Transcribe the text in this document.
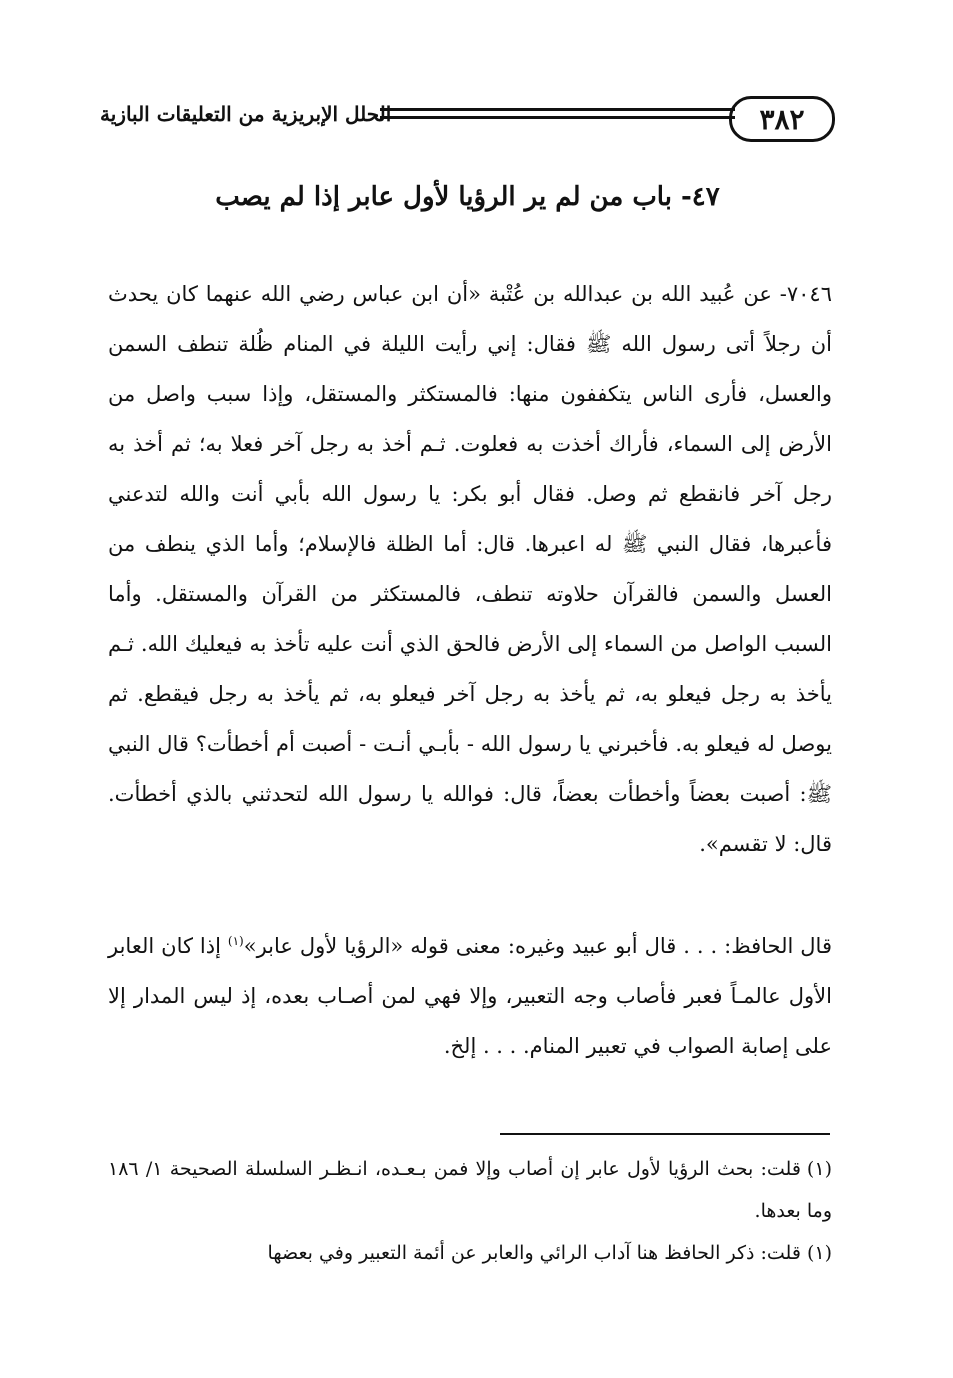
٣٨٢
الحلل الإبريزية من التعليقات البازية
٤٧- باب من لم ير الرؤيا لأول عابر إذا لم يصب

٧٠٤٦- عن عُبيد الله بن عبدالله بن عُتْبة «أن ابن عباس رضي الله عنهما كان يحدث أن رجلاً أتى رسول الله ﷺ فقال: إني رأيت الليلة في المنام ظُلة تنطف السمن والعسل، فأرى الناس يتكففون منها: فالمستكثر والمستقل، وإذا سبب واصل من الأرض إلى السماء، فأراك أخذت به فعلوت. ثـم أخذ به رجل آخر فعلا به؛ ثم أخذ به رجل آخر فانقطع ثم وصل. فقال أبو بكر: يا رسول الله بأبي أنت والله لتدعني فأعبرها، فقال النبي ﷺ له اعبرها. قال: أما الظلة فالإسلام؛ وأما الذي ينطف من العسل والسمن فالقرآن حلاوته تنطف، فالمستكثر من القرآن والمستقل. وأما السبب الواصل من السماء إلى الأرض فالحق الذي أنت عليه تأخذ به فيعليك الله. ثـم يأخذ به رجل فيعلو به، ثم يأخذ به رجل آخر فيعلو به، ثم يأخذ به رجل فيقطع. ثم يوصل له فيعلو به. فأخبرني يا رسول الله - بأبـي أنـت - أصبت أم أخطأت؟ قال النبي ﷺ: أصبت بعضاً وأخطأت بعضاً، قال: فوالله يا رسول الله لتحدثني بالذي أخطأت. قال: لا تقسم».

قال الحافظ: . . . قال أبو عبيد وغيره: معنى قوله «الرؤيا لأول عابر»$^{(١)}$ إذا كان العابر الأول عالمـاً فعبر فأصاب وجه التعبير، وإلا فهي لمن أصـاب بعده، إذ ليس المدار إلا على إصابة الصواب في تعبير المنام. . . . إلخ.

(١)قلت: بحث الرؤيا لأول عابر إن أصاب وإلا فمن بـعـده، انـظـر السلسلة الصحيحة ١/ ١٨٦ وما بعدها.

(١)قلت: ذكر الحافظ هنا آداب الرائي والعابر عن أئمة التعبير وفي بعضها
